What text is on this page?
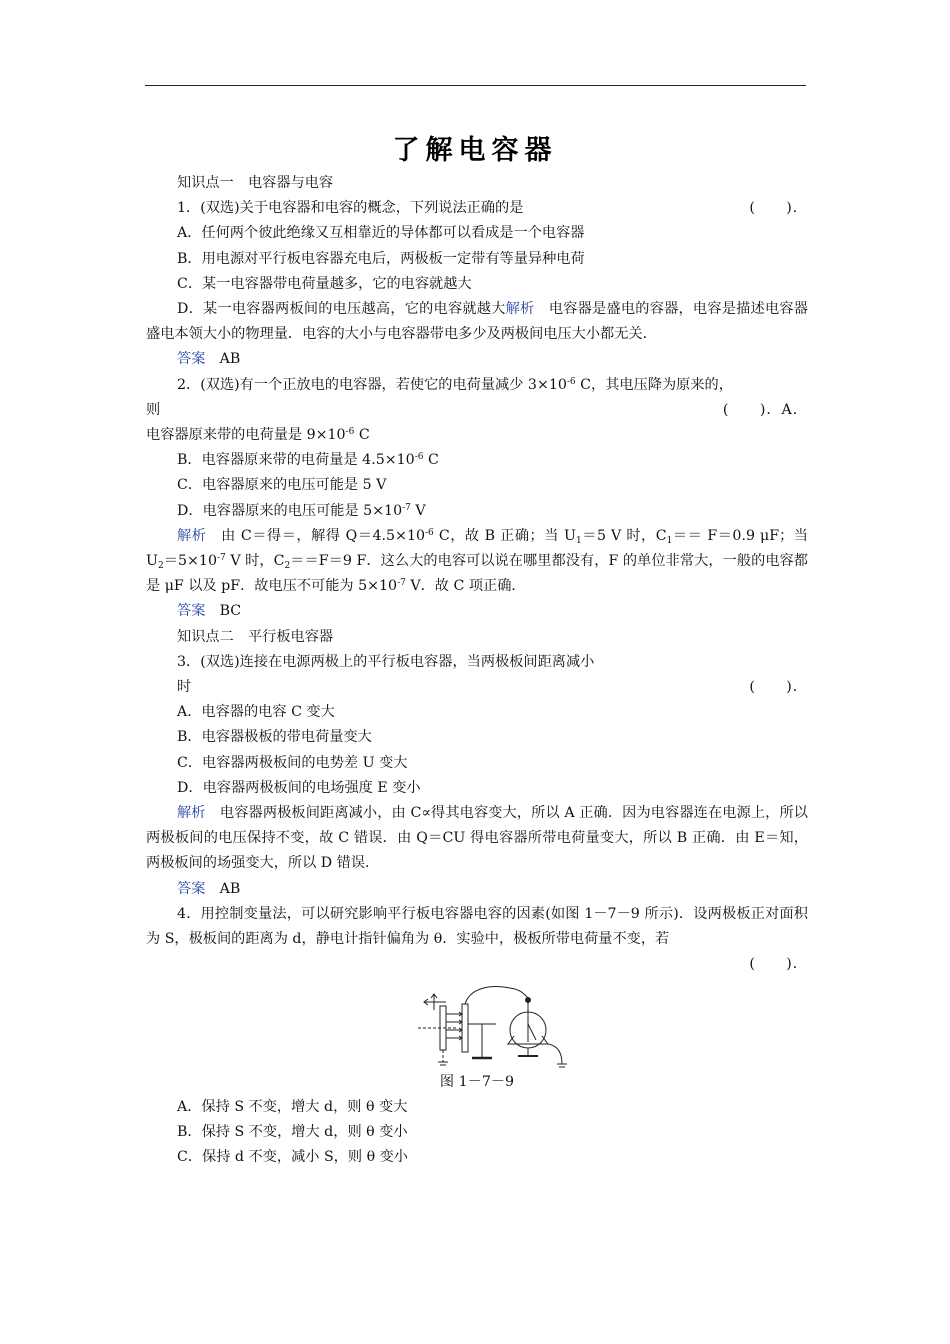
了解电容器

知识点一　电容器与电容

1．(双选)关于电容器和电容的概念，下列说法正确的是	(　　)．

A．任何两个彼此绝缘又互相靠近的导体都可以看成是一个电容器

B．用电源对平行板电容器充电后，两极板一定带有等量异种电荷

C．某一电容器带电荷量越多，它的电容就越大

D．某一电容器两板间的电压越高，它的电容就越大解析　电容器是盛电的容器，电容是描述电容器盛电本领大小的物理量．电容的大小与电容器带电多少及两极间电压大小都无关．

答案　AB

2．(双选)有一个正放电的电容器，若使它的电荷量减少 $3\times 10^{-6}$ C，其电压降为原来的，

则	(　　)．A．

电容器原来带的电荷量是 $9\times 10^{-6}$ C

B．电容器原来带的电荷量是 $4.5\times 10^{-6}$ C

C．电容器原来的电压可能是 5 V

D．电容器原来的电压可能是 $5\times 10^{-7}$ V

解析　由 C＝得＝，解得 $Q=4.5\times 10^{-6}$ C，故 B 正确；当 $U_1=5$ V 时，$C_1== F=0.9$ μF；当 $U_2=5\times 10^{-7}$ V 时，$C_2==F=9$ F．这么大的电容可以说在哪里都没有，F 的单位非常大，一般的电容都是 μF 以及 pF．故电压不可能为 $5\times 10^{-7}$ V．故 C 项正确．

答案　BC

知识点二　平行板电容器

3．(双选)连接在电源两极上的平行板电容器，当两极板间距离减小

时	(　　)．

A．电容器的电容 C 变大

B．电容器极板的带电荷量变大

C．电容器两极板间的电势差 U 变大

D．电容器两极板间的电场强度 E 变小

解析　电容器两极板间距离减小，由 C∝得其电容变大，所以 A 正确．因为电容器连在电源上，所以两极板间的电压保持不变，故 C 错误．由 Q＝CU 得电容器所带电荷量变大，所以 B 正确．由 E＝知，两极板间的场强变大，所以 D 错误．

答案　AB

4．用控制变量法，可以研究影响平行板电容器电容的因素(如图 1－7－9 所示)．设两极板正对面积为 S，极板间的距离为 d，静电计指针偏角为 θ．实验中，极板所带电荷量不变，若

(　　)．

图 1－7－9

A．保持 S 不变，增大 d，则 θ 变大

B．保持 S 不变，增大 d，则 θ 变小

C．保持 d 不变，减小 S，则 θ 变小
